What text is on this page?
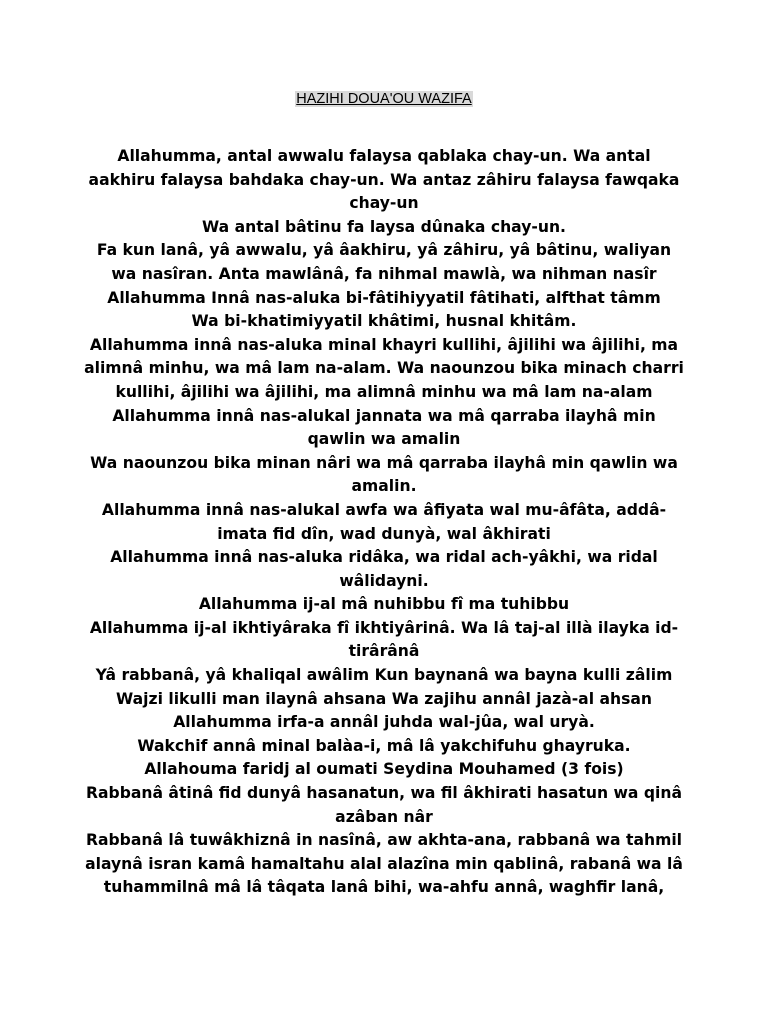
HAZIHI DOUA'OU WAZIFA

Allahumma, antal awwalu falaysa qablaka chay-un. Wa antal aakhiru falaysa bahdaka chay-un. Wa antaz zâhiru falaysa fawqaka chay-un

Wa antal bâtinu fa laysa dûnaka chay-un.

Fa kun lanâ, yâ awwalu, yâ âakhiru, yâ zâhiru, yâ bâtinu, waliyan wa nasîran. Anta mawlânâ, fa nihmal mawlà, wa nihman nasîr

Allahumma Innâ nas-aluka bi-fâtihiyyatil fâtihati, alfthat tâmm

Wa bi-khatimiyyatil khâtimi, husnal khitâm.

Allahumma innâ nas-aluka minal khayri kullihi, âjilihi wa âjilihi, ma alimnâ minhu, wa mâ lam na-alam. Wa naounzou bika minach charri

kullihi, âjilihi wa âjilihi, ma alimnâ minhu wa mâ lam na-alam

Allahumma innâ nas-alukal jannata wa mâ qarraba ilayhâ min qawlin wa amalin

Wa naounzou bika minan nâri wa mâ qarraba ilayhâ min qawlin wa amalin.

Allahumma innâ nas-alukal awfa wa âfiyata wal mu-âfâta, addâ-imata fid dîn, wad dunyà, wal âkhirati

Allahumma innâ nas-aluka ridâka, wa ridal ach-yâkhi, wa ridal wâlidayni.

Allahumma ij-al mâ nuhibbu fî ma tuhibbu

Allahumma ij-al ikhtiyâraka fî ikhtiyârinâ. Wa lâ taj-al illà ilayka id-tirârânâ

Yâ rabbanâ, yâ khaliqal awâlim Kun baynanâ wa bayna kulli zâlim

Wajzi likulli man ilaynâ ahsana Wa zajihu annâl jazà-al ahsan

Allahumma irfa-a annâl juhda wal-jûa, wal uryà.

Wakchif annâ minal balàa-i, mâ lâ yakchifuhu ghayruka.

Allahouma faridj al oumati Seydina Mouhamed (3 fois)

Rabbanâ âtinâ fid dunyâ hasanatun, wa fil âkhirati hasatun wa qinâ azâban nâr

Rabbanâ lâ tuwâkhiznâ in nasînâ, aw akhta-ana, rabbanâ wa tahmil alaynâ isran kamâ hamaltahu alal alazîna min qablinâ, rabanâ wa lâ tuhammilnâ mâ lâ tâqata lanâ bihi, wa-ahfu annâ, waghfir lanâ,
